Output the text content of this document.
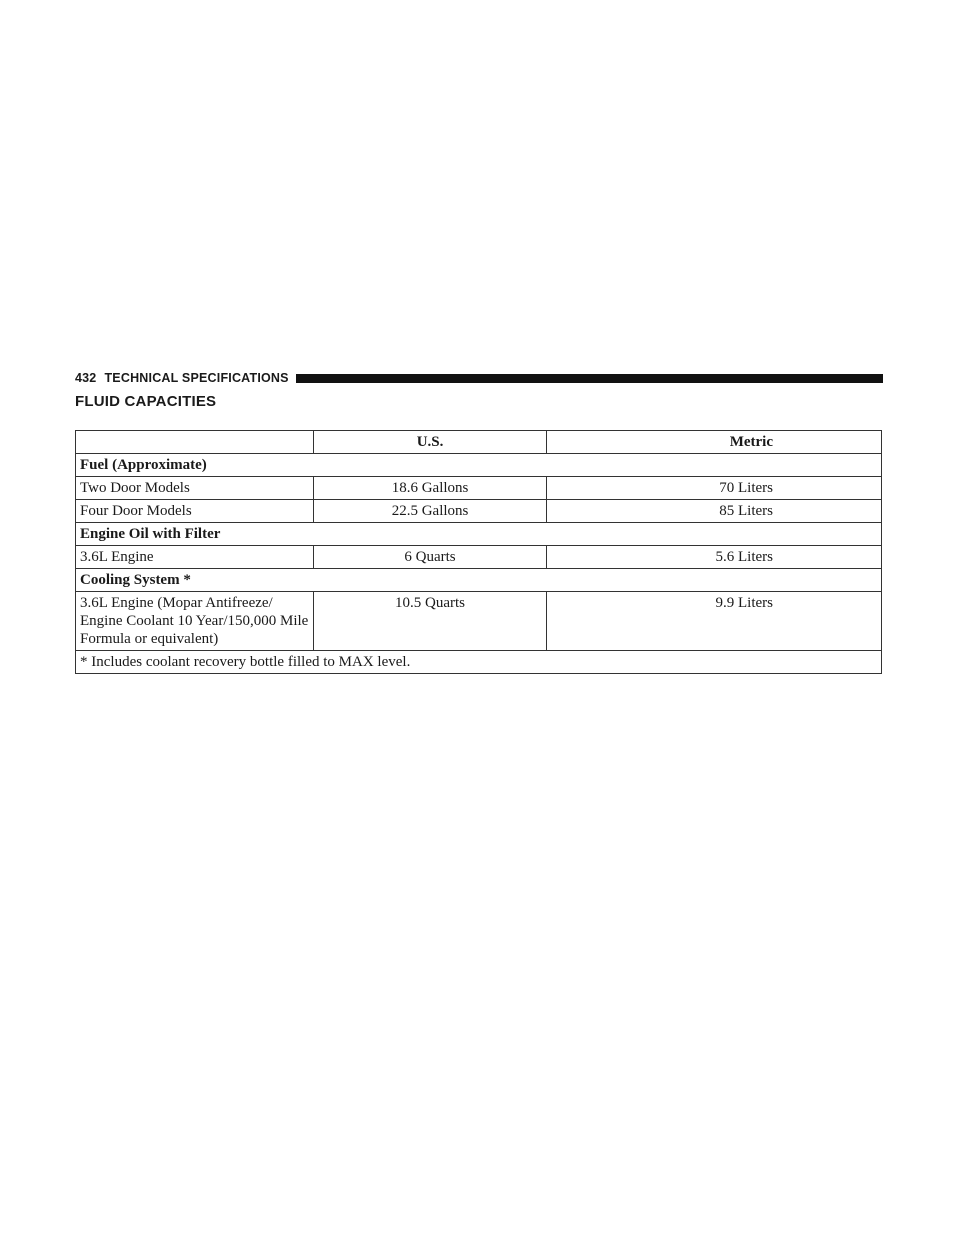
432 TECHNICAL SPECIFICATIONS
FLUID CAPACITIES
	U.S.	Metric
Fuel (Approximate)		
Two Door Models	18.6 Gallons	70 Liters
Four Door Models	22.5 Gallons	85 Liters
Engine Oil with Filter		
3.6L Engine	6 Quarts	5.6 Liters
Cooling System *		
3.6L Engine (Mopar Antifreeze/
Engine Coolant 10 Year/150,000 Mile
Formula or equivalent)	10.5 Quarts	9.9 Liters
* Includes coolant recovery bottle filled to MAX level.		
